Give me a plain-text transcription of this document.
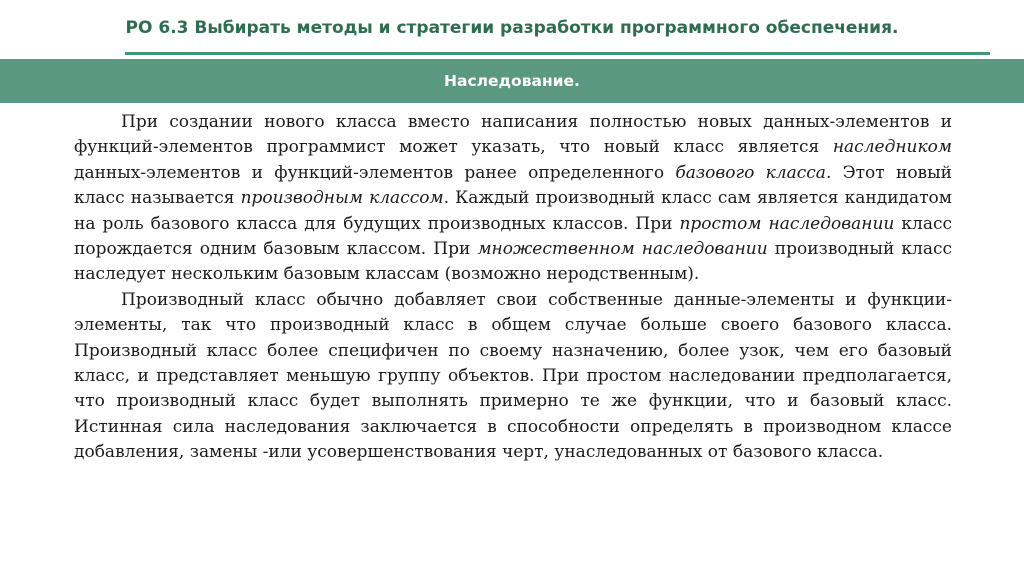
РО 6.3 Выбирать методы и стратегии разработки программного обеспечения.
Наследование.

При создании нового класса вместо написания полностью новых данных-элементов и функций-элементов программист может указать, что новый класс является наследником данных-элементов и функций-элементов ранее определенного базового класса. Этот новый класс называется производным классом. Каждый производный класс сам является кандидатом на роль базового класса для будущих производных классов. При простом наследовании класс порождается одним базовым классом. При множественном наследовании производный класс наследует нескольким базовым классам (возможно неродственным).

Производный класс обычно добавляет свои собственные данные-элементы и функции-элементы, так что производный класс в общем случае больше своего базового класса. Производный класс более специфичен по своему назначению, более узок, чем его базовый класс, и представляет меньшую группу объектов. При простом наследовании предполагается, что производный класс будет выполнять примерно те же функции, что и базовый класс. Истинная сила наследования заключается в способности определять в производном классе добавления, замены -или усовершенствования черт, унаследованных от базового класса.
